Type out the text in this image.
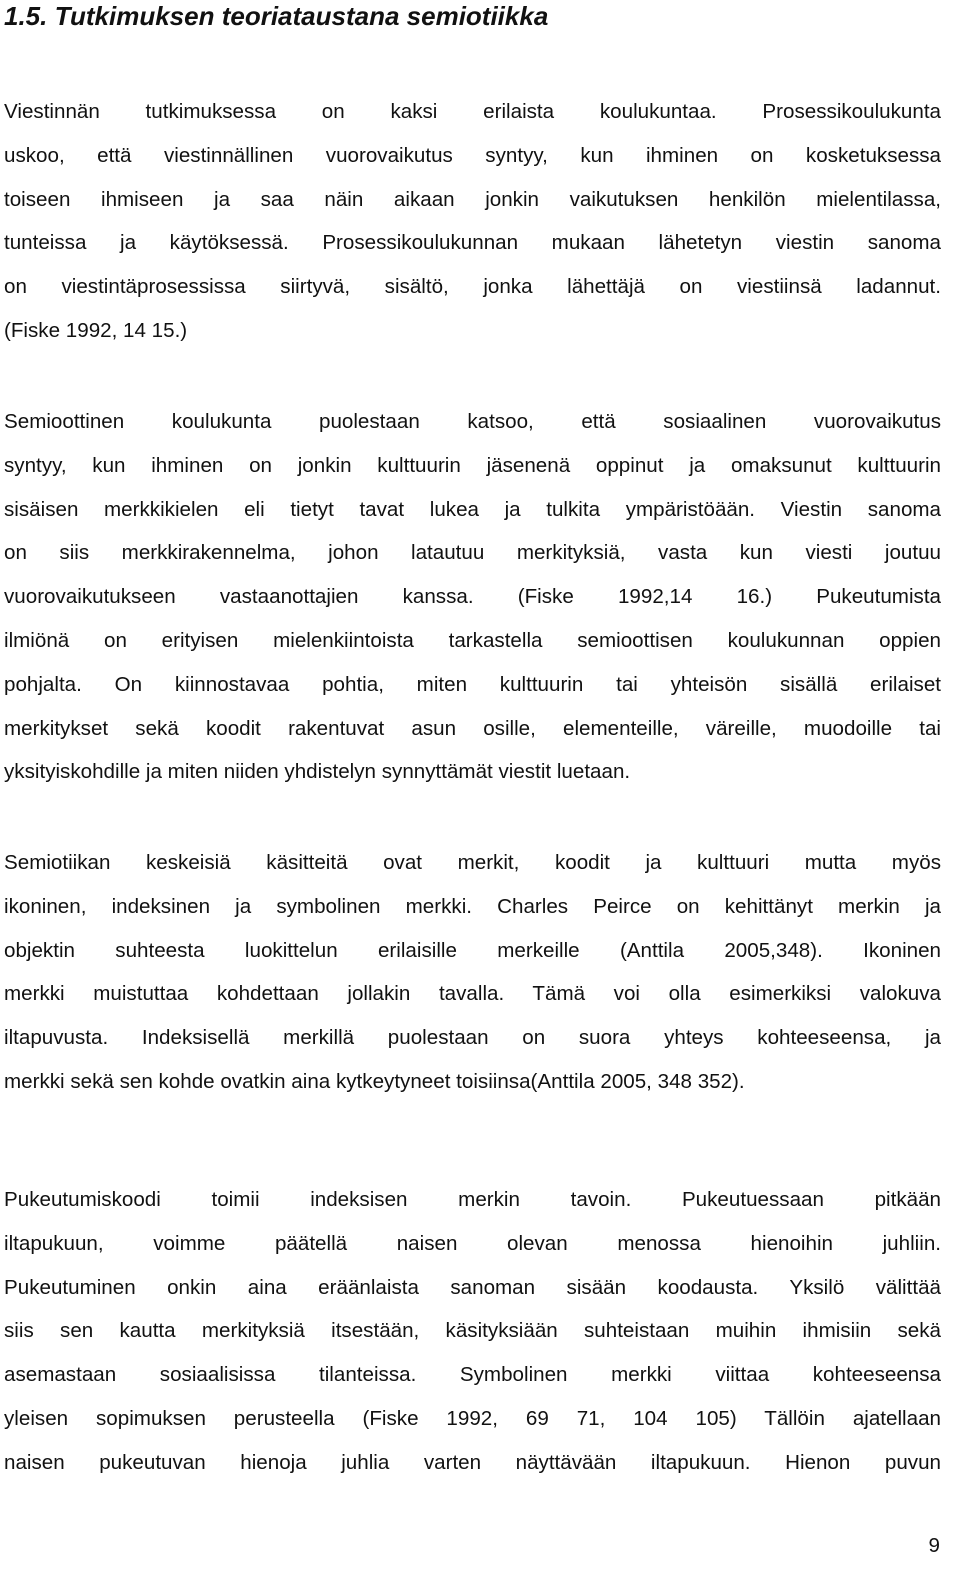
1.5. Tutkimuksen teoriataustana semiotiikka
Viestinnän tutkimuksessa on kaksi erilaista koulukuntaa. Prosessikoulukunta
uskoo, että viestinnällinen vuorovaikutus syntyy, kun ihminen on kosketuksessa
toiseen ihmiseen ja saa näin aikaan jonkin vaikutuksen henkilön mielentilassa,
tunteissa ja käytöksessä. Prosessikoulukunnan mukaan lähetetyn viestin sanoma
on viestintäprosessissa siirtyvä, sisältö, jonka lähettäjä on viestiinsä ladannut.
(Fiske 1992, 14 15.)
Semioottinen koulukunta puolestaan katsoo, että sosiaalinen vuorovaikutus
syntyy, kun ihminen on jonkin kulttuurin jäsenenä oppinut ja omaksunut kulttuurin
sisäisen merkkikielen eli tietyt tavat lukea ja tulkita ympäristöään. Viestin sanoma
on siis merkkirakennelma, johon latautuu merkityksiä, vasta kun viesti joutuu
vuorovaikutukseen vastaanottajien kanssa. (Fiske 1992,14 16.) Pukeutumista
ilmiönä on erityisen mielenkiintoista tarkastella semioottisen koulukunnan oppien
pohjalta. On kiinnostavaa pohtia, miten kulttuurin tai yhteisön sisällä erilaiset
merkitykset sekä koodit rakentuvat asun osille, elementeille, väreille, muodoille tai
yksityiskohdille ja miten niiden yhdistelyn synnyttämät viestit luetaan.
Semiotiikan keskeisiä käsitteitä ovat merkit, koodit ja kulttuuri mutta myös
ikoninen, indeksinen ja symbolinen merkki. Charles Peirce on kehittänyt merkin ja
objektin suhteesta luokittelun erilaisille merkeille (Anttila 2005,348). Ikoninen
merkki muistuttaa kohdettaan jollakin tavalla. Tämä voi olla esimerkiksi valokuva
iltapuvusta. Indeksisellä merkillä puolestaan on suora yhteys kohteeseensa, ja
merkki sekä sen kohde ovatkin aina kytkeytyneet toisiinsa(Anttila 2005, 348 352).
Pukeutumiskoodi toimii indeksisen merkin tavoin. Pukeutuessaan pitkään
iltapukuun, voimme päätellä naisen olevan menossa hienoihin juhliin.
Pukeutuminen onkin aina eräänlaista sanoman sisään koodausta. Yksilö välittää
siis sen kautta merkityksiä itsestään, käsityksiään suhteistaan muihin ihmisiin sekä
asemastaan sosiaalisissa tilanteissa. Symbolinen merkki viittaa kohteeseensa
yleisen sopimuksen perusteella (Fiske 1992, 69 71, 104 105) Tällöin ajatellaan
naisen pukeutuvan hienoja juhlia varten näyttävään iltapukuun. Hienon puvun
9
